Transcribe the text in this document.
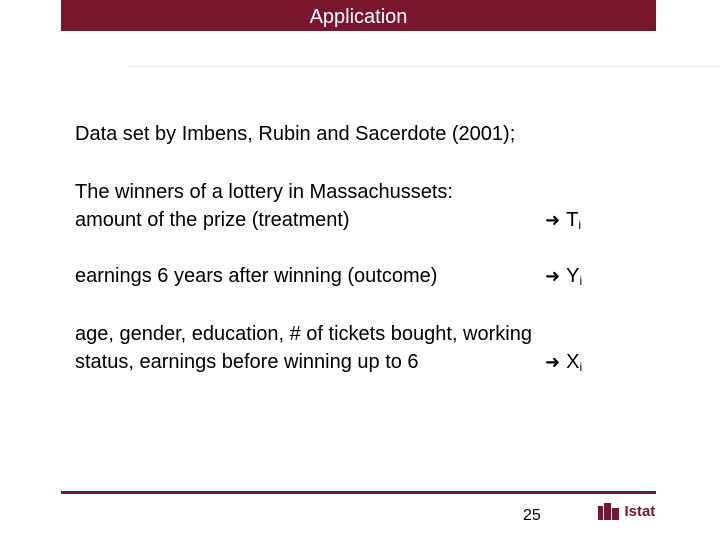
Application
Data set by Imbens, Rubin and Sacerdote (2001);
The winners of a lottery in Massachussets:
amount of the prize (treatment)	➜ $T_i$
earnings 6 years after winning (outcome)	➜ $Y_i$
age, gender, education, # of tickets bought, working
status, earnings before winning up to 6	➜ $X_i$
25	Istat
